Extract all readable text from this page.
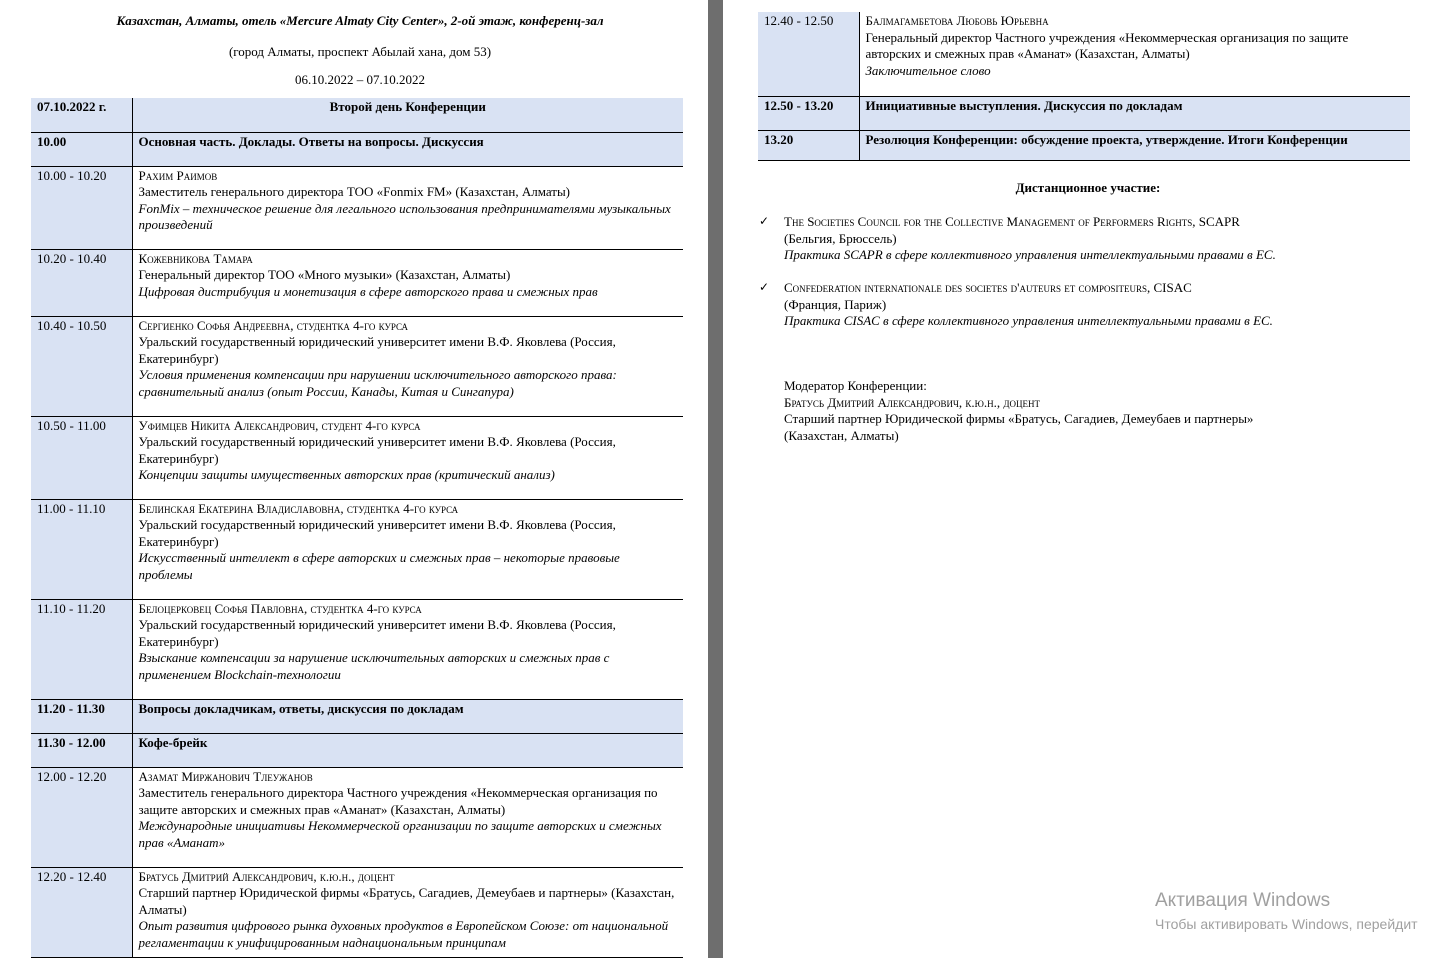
Казахстан, Алматы, отель «Mercure Almaty City Center», 2-ой этаж, конференц-зал
(город Алматы, проспект Абылай хана, дом 53)
06.10.2022 – 07.10.2022
07.10.2022 г.	Второй день Конференции

10.00	Основная часть. Доклады. Ответы на вопросы. Дискуссия

10.00 - 10.20	Рахим Раимов
Заместитель генерального директора ТОО «Fonmix FM» (Казахстан, Алматы)
FonMix – техническое решение для легального использования предпринимателями музыкальных произведений

10.20 - 10.40	Кожевникова Тамара
Генеральный директор ТОО «Много музыки» (Казахстан, Алматы)
Цифровая дистрибуция и монетизация в сфере авторского права и смежных прав

10.40 - 10.50	Сергиенко Софья Андреевна, студентка 4-го курса
Уральский государственный юридический университет имени В.Ф. Яковлева (Россия, Екатеринбург)
Условия применения компенсации при нарушении исключительного авторского права: сравнительный анализ (опыт России, Канады, Китая и Сингапура)

10.50 - 11.00	Уфимцев Никита Александрович, студент 4-го курса
Уральский государственный юридический университет имени В.Ф. Яковлева (Россия, Екатеринбург)
Концепции защиты имущественных авторских прав (критический анализ)

11.00 - 11.10	Белинская Екатерина Владиславовна, студентка 4-го курса
Уральский государственный юридический университет имени В.Ф. Яковлева (Россия, Екатеринбург)
Искусственный интеллект в сфере авторских и смежных прав – некоторые правовые проблемы

11.10 - 11.20	Белоцерковец Софья Павловна, студентка 4-го курса
Уральский государственный юридический университет имени В.Ф. Яковлева (Россия, Екатеринбург)
Взыскание компенсации за нарушение исключительных авторских и смежных прав с применением Blockchain-технологии

11.20 - 11.30	Вопросы докладчикам, ответы, дискуссия по докладам

11.30 - 12.00	Кофе-брейк

12.00 - 12.20	Азамат Миржанович Тлеужанов
Заместитель генерального директора Частного учреждения «Некоммерческая организация по защите авторских и смежных прав «Аманат» (Казахстан, Алматы)
Международные инициативы Некоммерческой организации по защите авторских и смежных прав «Аманат»

12.20 - 12.40	Братусь Дмитрий Александрович, к.ю.н., доцент
Старший партнер Юридической фирмы «Братусь, Сагадиев, Демеубаев и партнеры» (Казахстан, Алматы)
Опыт развития цифрового рынка духовных продуктов в Европейском Союзе: от национальной регламентации к унифицированным наднациональным принципам
12.40 - 12.50	Балмагамбетова Любовь Юрьевна
Генеральный директор Частного учреждения «Некоммерческая организация по защите авторских и смежных прав «Аманат» (Казахстан, Алматы)
Заключительное слово

12.50 - 13.20	Инициативные выступления. Дискуссия по докладам

13.20	Резолюция Конференции: обсуждение проекта, утверждение. Итоги Конференции
Дистанционное участие:
✓ The Societies Council for the Collective Management of Performers Rights, SCAPR
(Бельгия, Брюссель)
Практика SCAPR в сфере коллективного управления интеллектуальными правами в ЕС.
✓ Confederation internationale des societes d'auteurs et compositeurs, CISAC
(Франция, Париж)
Практика CISAC в сфере коллективного управления интеллектуальными правами в ЕС.
Модератор Конференции:
Братусь Дмитрий Александрович, к.ю.н., доцент
Старший партнер Юридической фирмы «Братусь, Сагадиев, Демеубаев и партнеры»
(Казахстан, Алматы)
Активация Windows
Чтобы активировать Windows, перейдит
